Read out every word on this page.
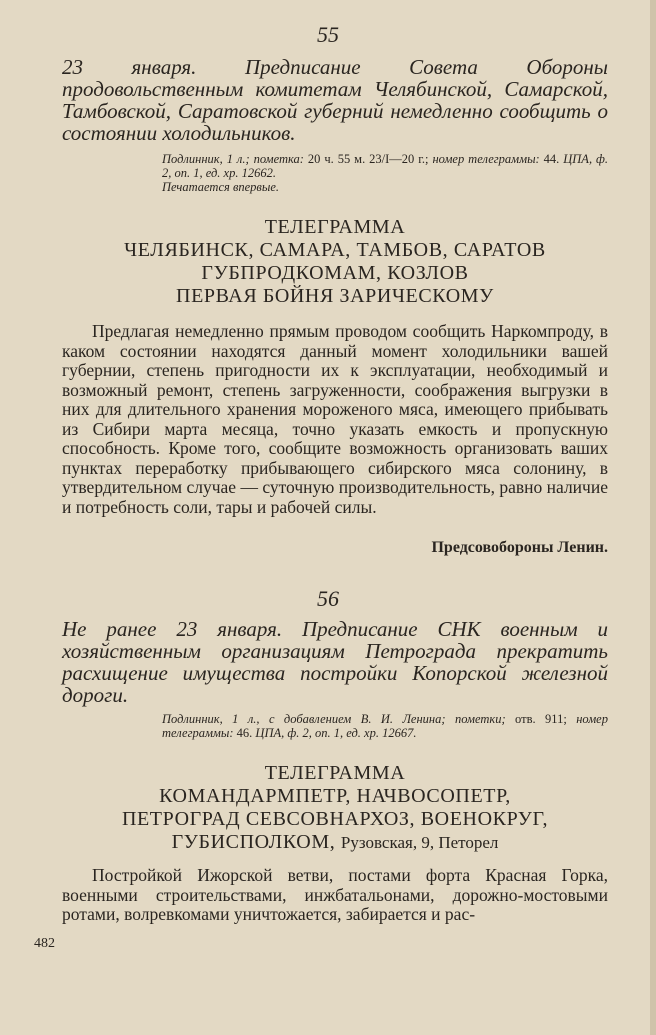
55
23 января. Предписание Совета Обороны продовольственным комитетам Челябинской, Самарской, Тамбовской, Саратовской губерний немедленно сообщить о состоянии холодильников.
Подлинник, 1 л.; пометка: 20 ч. 55 м. 23/I—20 г.; номер телеграммы: 44. ЦПА, ф. 2, оп. 1, ед. хр. 12662.
Печатается впервые.
ТЕЛЕГРАММА
ЧЕЛЯБИНСК, САМАРА, ТАМБОВ, САРАТОВ
ГУБПРОДКОМАМ, КОЗЛОВ
ПЕРВАЯ БОЙНЯ ЗАРИЧЕСКОМУ

Предлагая немедленно прямым проводом сообщить Наркомпроду, в каком состоянии находятся данный момент холодильники вашей губернии, степень пригодности их к эксплуатации, необходимый и возможный ремонт, степень загруженности, соображения выгрузки в них для длительного хранения мороженого мяса, имеющего прибывать из Сибири марта месяца, точно указать емкость и пропускную способность. Кроме того, сообщите возможность организовать ваших пунктах переработку прибывающего сибирского мяса солонину, в утвердительном случае — суточную производительность, равно наличие и потребность соли, тары и рабочей силы.

Предсовобороны Ленин.
56
Не ранее 23 января. Предписание СНК военным и хозяйственным организациям Петрограда прекратить расхищение имущества постройки Копорской железной дороги.
Подлинник, 1 л., с добавлением В. И. Ленина; пометки; отв. 911; номер телеграммы: 46. ЦПА, ф. 2, оп. 1, ед. хр. 12667.
ТЕЛЕГРАММА
КОМАНДАРМПЕТР, НАЧВОСОПЕТР,
ПЕТРОГРАД СЕВСОВНАРХОЗ, ВОЕНОКРУГ,
ГУБИСПОЛКОМ, Рузовская, 9, Петорел

Постройкой Ижорской ветви, постами форта Красная Горка, военными строительствами, инжбатальонами, дорожно-мостовыми ротами, волревкомами уничтожается, забирается и рас-

482
